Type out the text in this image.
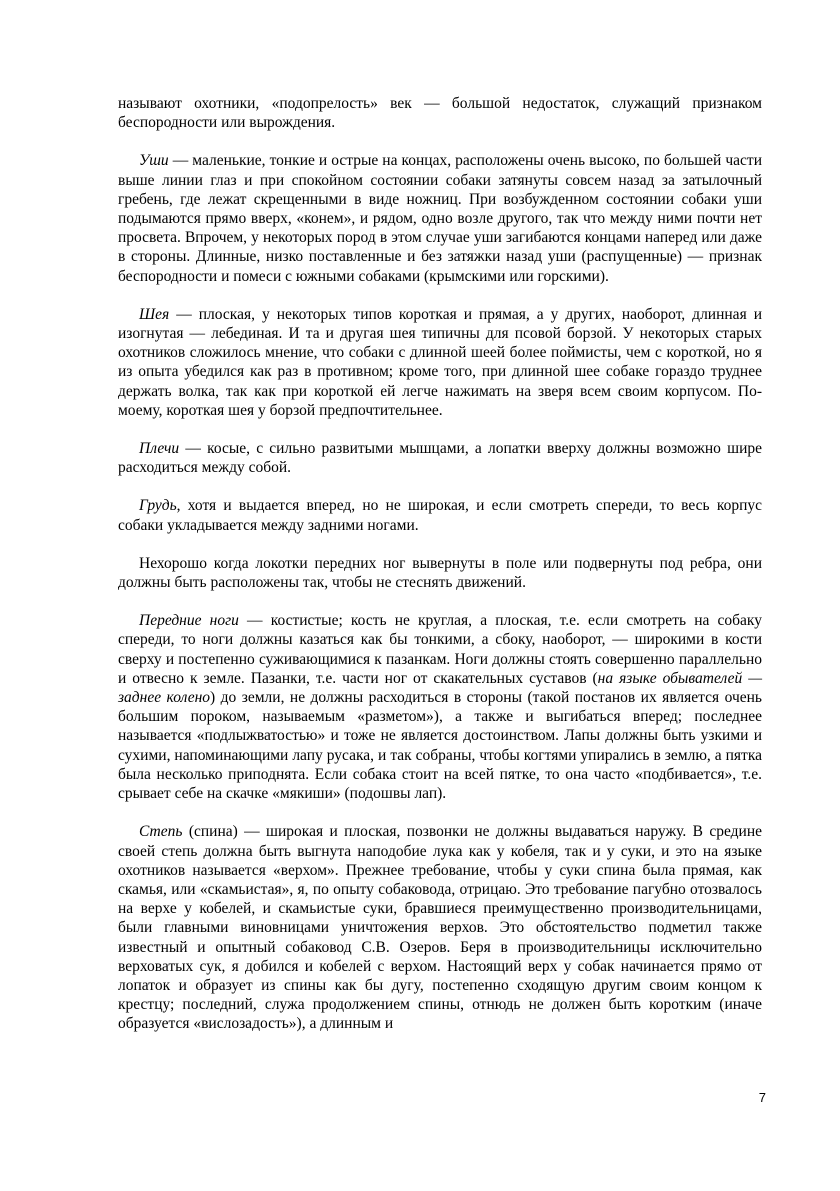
называют охотники, «подопрелость» век — большой недостаток, служащий признаком беспородности или вырождения.

Уши — маленькие, тонкие и острые на концах, расположены очень высоко, по большей части выше линии глаз и при спокойном состоянии собаки затянуты совсем назад за затылочный гребень, где лежат скрещенными в виде ножниц. При возбужденном состоянии собаки уши подымаются прямо вверх, «конем», и рядом, одно возле другого, так что между ними почти нет просвета. Впрочем, у некоторых пород в этом случае уши загибаются концами наперед или даже в стороны. Длинные, низко поставленные и без затяжки назад уши (распущенные) — признак беспородности и помеси с южными собаками (крымскими или горскими).

Шея — плоская, у некоторых типов короткая и прямая, а у других, наоборот, длинная и изогнутая — лебединая. И та и другая шея типичны для псовой борзой. У некоторых старых охотников сложилось мнение, что собаки с длинной шеей более поймисты, чем с короткой, но я из опыта убедился как раз в противном; кроме того, при длинной шее собаке гораздо труднее держать волка, так как при короткой ей легче нажимать на зверя всем своим корпусом. По-моему, короткая шея у борзой предпочтительнее.

Плечи — косые, с сильно развитыми мышцами, а лопатки вверху должны возможно шире расходиться между собой.

Грудь, хотя и выдается вперед, но не широкая, и если смотреть спереди, то весь корпус собаки укладывается между задними ногами.

Нехорошо когда локотки передних ног вывернуты в поле или подвернуты под ребра, они должны быть расположены так, чтобы не стеснять движений.

Передние ноги — костистые; кость не круглая, а плоская, т.е. если смотреть на собаку спереди, то ноги должны казаться как бы тонкими, а сбоку, наоборот, — широкими в кости сверху и постепенно суживающимися к пазанкам. Ноги должны стоять совершенно параллельно и отвесно к земле. Пазанки, т.е. части ног от скакательных суставов (на языке обывателей — заднее колено) до земли, не должны расходиться в стороны (такой постанов их является очень большим пороком, называемым «разметом»), а также и выгибаться вперед; последнее называется «подлыжватостью» и тоже не является достоинством. Лапы должны быть узкими и сухими, напоминающими лапу русака, и так собраны, чтобы когтями упирались в землю, а пятка была несколько приподнята. Если собака стоит на всей пятке, то она часто «подбивается», т.е. срывает себе на скачке «мякиши» (подошвы лап).

Степь (спина) — широкая и плоская, позвонки не должны выдаваться наружу. В средине своей степь должна быть выгнута наподобие лука как у кобеля, так и у суки, и это на языке охотников называется «верхом». Прежнее требование, чтобы у суки спина была прямая, как скамья, или «скамьистая», я, по опыту собаковода, отрицаю. Это требование пагубно отозвалось на верхе у кобелей, и скамьистые суки, бравшиеся преимущественно производительницами, были главными виновницами уничтожения верхов. Это обстоятельство подметил также известный и опытный собаковод С.В. Озеров. Беря в производительницы исключительно верховатых сук, я добился и кобелей с верхом. Настоящий верх у собак начинается прямо от лопаток и образует из спины как бы дугу, постепенно сходящую другим своим концом к крестцу; последний, служа продолжением спины, отнюдь не должен быть коротким (иначе образуется «вислозадость»), а длинным и

7
